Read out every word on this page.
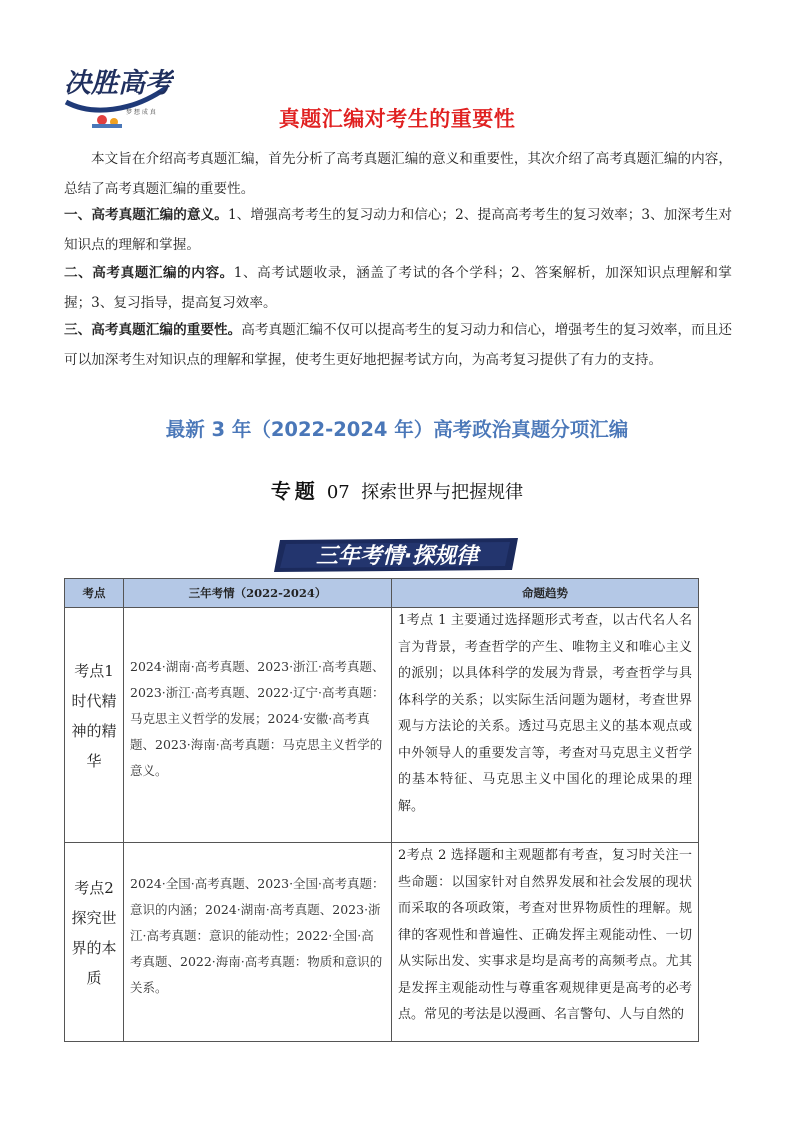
决胜高考
梦 想 成 真	真题汇编对考生的重要性
本文旨在介绍高考真题汇编，首先分析了高考真题汇编的意义和重要性，其次介绍了高考真题汇编的内容，总结了高考真题汇编的重要性。
一、高考真题汇编的意义。1、增强高考考生的复习动力和信心；2、提高高考考生的复习效率；3、加深考生对知识点的理解和掌握。
二、高考真题汇编的内容。1、高考试题收录，涵盖了考试的各个学科；2、答案解析，加深知识点理解和掌握；3、复习指导，提高复习效率。
三、高考真题汇编的重要性。高考真题汇编不仅可以提高考生的复习动力和信心，增强考生的复习效率，而且还可以加深考生对知识点的理解和掌握，使考生更好地把握考试方向，为高考复习提供了有力的支持。
最新 3 年（2022-2024 年）高考政治真题分项汇编
专题 07 探索世界与把握规律
三年考情·探规律
考点	三年考情（2022-2024）	命题趋势

考点1时代精神的精华	2024·湖南·高考真题、2023·浙江·高考真题、2023·浙江·高考真题、2022·辽宁·高考真题：马克思主义哲学的发展；2024·安徽·高考真题、2023·海南·高考真题：马克思主义哲学的意义。	1考点 1 主要通过选择题形式考查，以古代名人名言为背景，考查哲学的产生、唯物主义和唯心主义的派别；以具体科学的发展为背景，考查哲学与具体科学的关系；以实际生活问题为题材，考查世界观与方法论的关系。透过马克思主义的基本观点或中外领导人的重要发言等，考查对马克思主义哲学的基本特征、马克思主义中国化的理论成果的理解。

考点2探究世界的本质	2024·全国·高考真题、2023·全国·高考真题：意识的内涵；2024·湖南·高考真题、2023·浙江·高考真题：意识的能动性；2022·全国·高考真题、2022·海南·高考真题：物质和意识的关系。	2考点 2 选择题和主观题都有考查，复习时关注一些命题：以国家针对自然界发展和社会发展的现状而采取的各项政策，考查对世界物质性的理解。规律的客观性和普遍性、正确发挥主观能动性、一切从实际出发、实事求是均是高考的高频考点。尤其是发挥主观能动性与尊重客观规律更是高考的必考点。常见的考法是以漫画、名言警句、人与自然的
